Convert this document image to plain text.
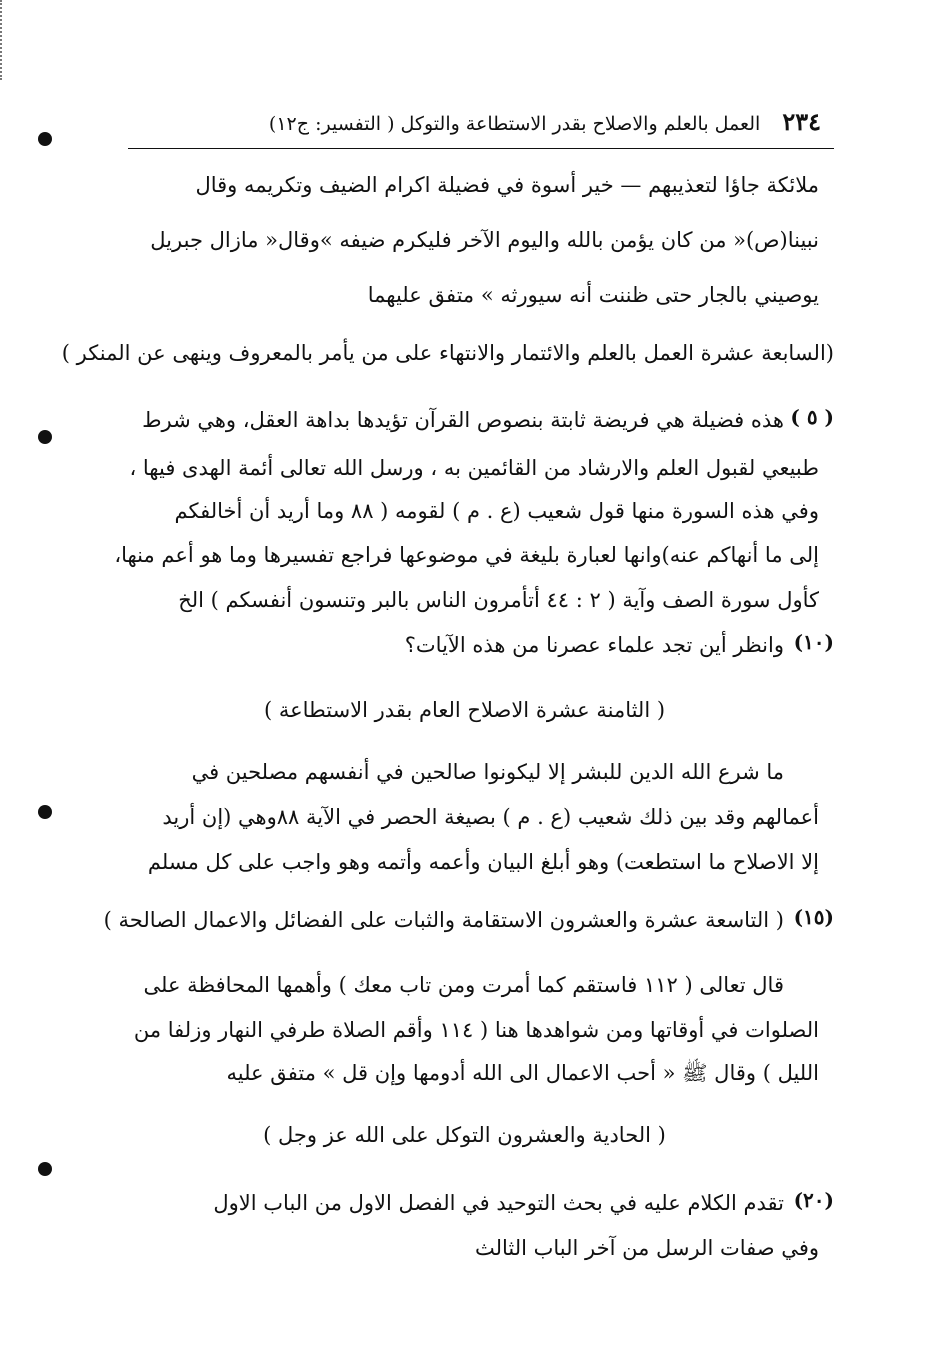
٢٣٤ العمل بالعلم والاصلاح بقدر الاستطاعة والتوكل ( التفسير: ج١٢)
ملائكة جاؤا لتعذيبهم — خير أسوة في فضيلة اكرام الضيف وتكريمه وقال
نبينا(ص)« من كان يؤمن بالله واليوم الآخر فليكرم ضيفه »وقال« مازال جبريل
يوصيني بالجار حتى ظننت أنه سيورثه » متفق عليهما
(السابعة عشرة العمل بالعلم والائتمار والانتهاء على من يأمر بالمعروف وينهى عن المنكر )
( ٥ )
هذه فضيلة هي فريضة ثابتة بنصوص القرآن تؤيدها بداهة العقل، وهي شرط
طبيعي لقبول العلم والارشاد من القائمين به ، ورسل الله تعالى أئمة الهدى فيها ،
وفي هذه السورة منها قول شعيب (ع . م ) لقومه ( ٨٨ وما أريد أن أخالفكم
إلى ما أنهاكم عنه)وانها لعبارة بليغة في موضوعها فراجع تفسيرها وما هو أعم منها،
كأول سورة الصف وآية ( ٢ : ٤٤ أتأمرون الناس بالبر وتنسون أنفسكم ) الخ
(١٠)
وانظر أين تجد علماء عصرنا من هذه الآيات؟
( الثامنة عشرة الاصلاح العام بقدر الاستطاعة )
ما شرع الله الدين للبشر إلا ليكونوا صالحين في أنفسهم مصلحين في
أعمالهم وقد بين ذلك شعيب (ع . م ) بصيغة الحصر في الآية ٨٨وهي (إن أريد
إلا الاصلاح ما استطعت) وهو أبلغ البيان وأعمه وأتمه وهو واجب على كل مسلم
(١٥)
( التاسعة عشرة والعشرون الاستقامة والثبات على الفضائل والاعمال الصالحة )
قال تعالى ( ١١٢ فاستقم كما أمرت ومن تاب معك ) وأهمها المحافظة على
الصلوات في أوقاتها ومن شواهدها هنا ( ١١٤ وأقم الصلاة طرفي النهار وزلفا من
الليل ) وقال ﷺ « أحب الاعمال الى الله أدومها وإن قل » متفق عليه
( الحادية والعشرون التوكل على الله عز وجل )
(٢٠)
تقدم الكلام عليه في بحث التوحيد في الفصل الاول من الباب الاول
وفي صفات الرسل من آخر الباب الثالث
